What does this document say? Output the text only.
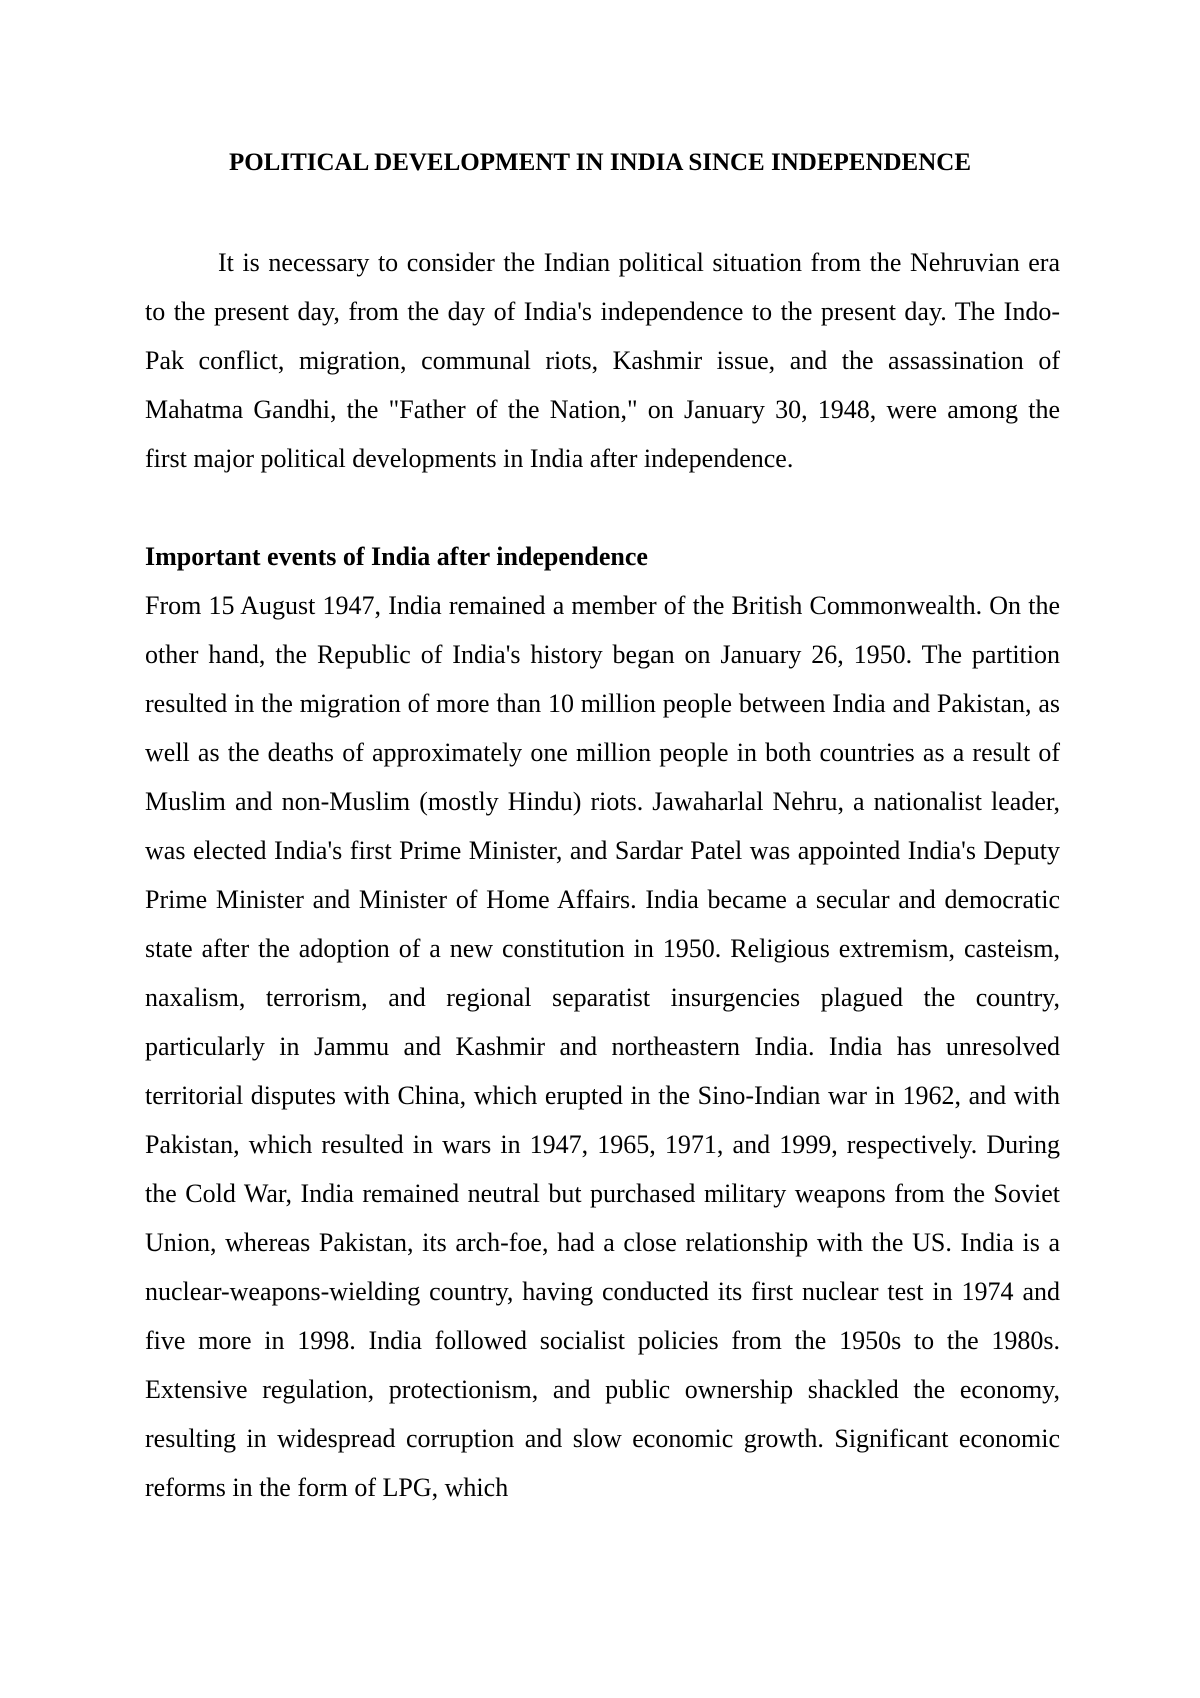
POLITICAL DEVELOPMENT IN INDIA SINCE INDEPENDENCE

It is necessary to consider the Indian political situation from the Nehruvian era to the present day, from the day of India's independence to the present day. The Indo-Pak conflict, migration, communal riots, Kashmir issue, and the assassination of Mahatma Gandhi, the "Father of the Nation," on January 30, 1948, were among the first major political developments in India after independence.

Important events of India after independence

From 15 August 1947, India remained a member of the British Commonwealth. On the other hand, the Republic of India's history began on January 26, 1950. The partition resulted in the migration of more than 10 million people between India and Pakistan, as well as the deaths of approximately one million people in both countries as a result of Muslim and non-Muslim (mostly Hindu) riots. Jawaharlal Nehru, a nationalist leader, was elected India's first Prime Minister, and Sardar Patel was appointed India's Deputy Prime Minister and Minister of Home Affairs. India became a secular and democratic state after the adoption of a new constitution in 1950. Religious extremism, casteism, naxalism, terrorism, and regional separatist insurgencies plagued the country, particularly in Jammu and Kashmir and northeastern India. India has unresolved territorial disputes with China, which erupted in the Sino-Indian war in 1962, and with Pakistan, which resulted in wars in 1947, 1965, 1971, and 1999, respectively. During the Cold War, India remained neutral but purchased military weapons from the Soviet Union, whereas Pakistan, its arch-foe, had a close relationship with the US. India is a nuclear-weapons-wielding country, having conducted its first nuclear test in 1974 and five more in 1998. India followed socialist policies from the 1950s to the 1980s. Extensive regulation, protectionism, and public ownership shackled the economy, resulting in widespread corruption and slow economic growth. Significant economic reforms in the form of LPG, which
